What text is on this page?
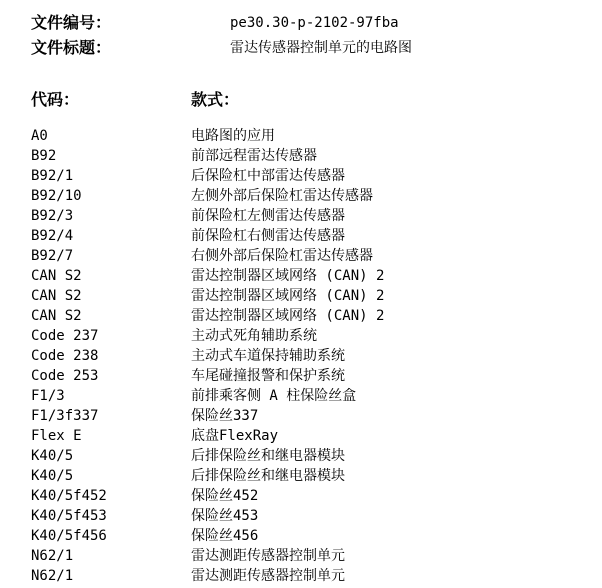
文件编号：	pe30.30-p-2102-97fba
文件标题：	雷达传感器控制单元的电路图
代码：	款式：
A0	电路图的应用
B92	前部远程雷达传感器
B92/1	后保险杠中部雷达传感器
B92/10	左侧外部后保险杠雷达传感器
B92/3	前保险杠左侧雷达传感器
B92/4	前保险杠右侧雷达传感器
B92/7	右侧外部后保险杠雷达传感器
CAN S2	雷达控制器区域网络 (CAN) 2
CAN S2	雷达控制器区域网络 (CAN) 2
CAN S2	雷达控制器区域网络 (CAN) 2
Code 237	主动式死角辅助系统
Code 238	主动式车道保持辅助系统
Code 253	车尾碰撞报警和保护系统
F1/3	前排乘客侧 A 柱保险丝盒
F1/3f337	保险丝337
Flex E	底盘FlexRay
K40/5	后排保险丝和继电器模块
K40/5	后排保险丝和继电器模块
K40/5f452	保险丝452
K40/5f453	保险丝453
K40/5f456	保险丝456
N62/1	雷达测距传感器控制单元
N62/1	雷达测距传感器控制单元
